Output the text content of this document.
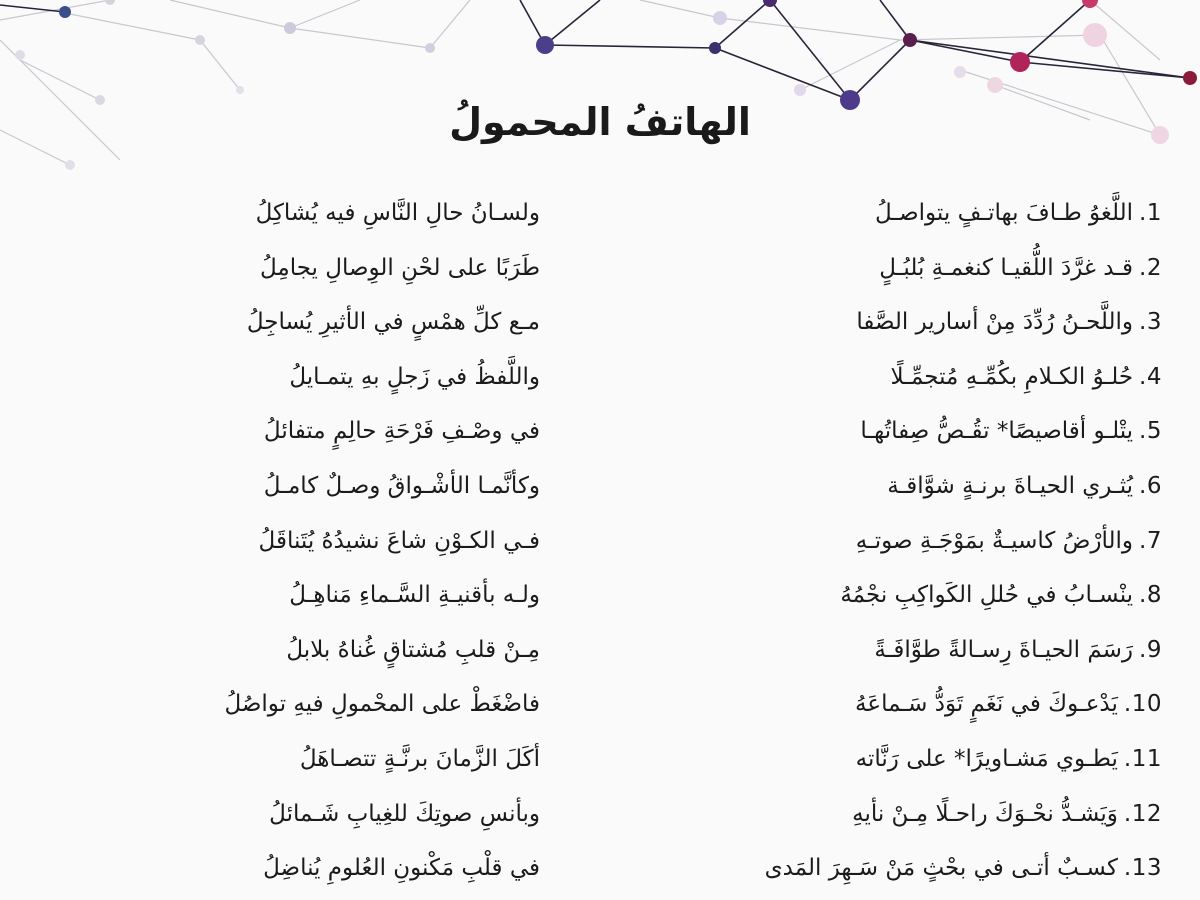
الهاتفُ المحمولُ
1.اللَّغوُ طـافَ بهاتـفٍ يتواصـلُ
2.قـد غرَّدَ اللُّقيـا كنغمـةِ بُلبُـلٍ
3.واللَّحـنُ رُدِّدَ مِنْ أسارير الصَّفا
4.حُلـوُ الكـلامِ بكُمِّـهِ مُتجمِّـلًا
5.يتْلـو أقاصيصًا* تقُـصُّ صِفاتُهـا
6.يُثـري الحيـاةَ برنـةٍ شوَّاقـة
7.والأرْضُ كاسيـةٌ بمَوْجَـةِ صوتـهِ
8.ينْسـابُ في حُللِ الكَواكِبِ نجْمُهُ
9.رَسَمَ الحيـاةَ رِسـالةً طوَّافَـةً
10.يَدْعـوكَ في نَغَمٍ تَوَدُّ سَـماعَهُ
11.يَطـوي مَشـاويرًا* على رَنَّاته
12.وَيَشـدُّ نحْـوَكَ راحـلًا مِـنْ نأيهِ
13.كسـبٌ أتـى في بحْثٍ مَنْ سَـهِرَ المَدى
ولسـانُ حالِ النَّاسِ فيه يُشاكِلُ
طَرَبًا على لحْنِ الوِصالِ يجامِلُ
مـع كلِّ همْسٍ في الأثيرِ يُساجِلُ
واللَّفظُ في زَجلٍ بهِ يتمـايلُ
في وصْـفِ فَرْحَةِ حالِمٍ متفائلُ
وكأنَّمـا الأشْـواقُ وصـلٌ كامـلُ
فـي الكـوْنِ شاعَ نشيدُهُ يُتَناقَلُ
ولـه بأقنيـةِ السَّـماءِ مَناهِـلُ
مِـنْ قلبِ مُشتاقٍ غُناهُ بلابلُ
فاضْغَطْ على المحْمولِ فيهِ تواصُلُ
أكَلَ الزَّمانَ برنَّـةٍ تتصـاهَلُ
وبأنسِ صوتِكَ للغِيابِ شَـمائلُ
في قلْبِ مَكْنونِ العُلومِ يُناضِلُ
